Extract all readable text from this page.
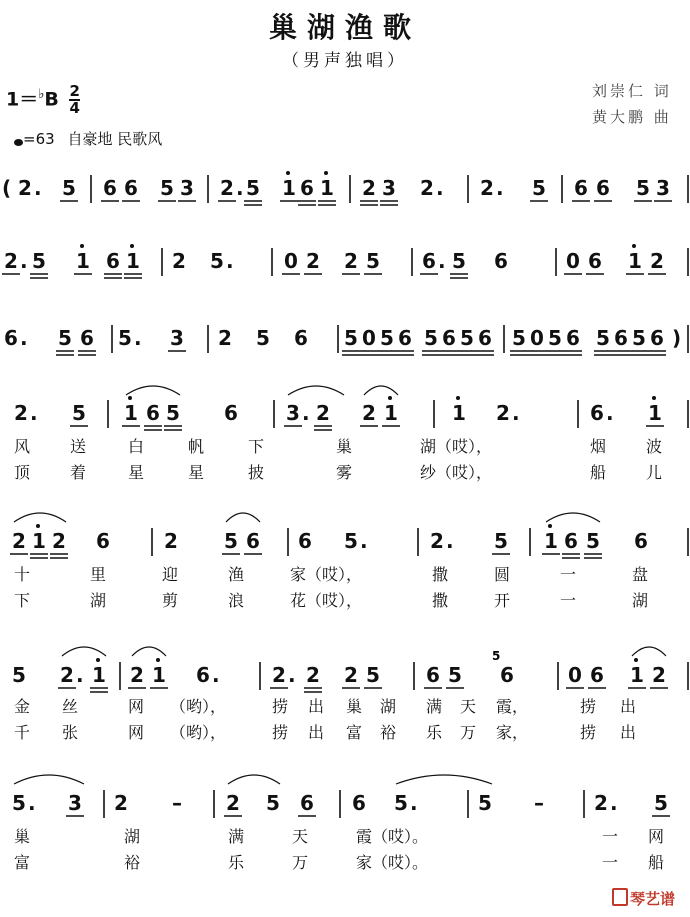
巢湖渔歌
（男声独唱）
$1=^♭B \frac{2}{4}$
=63 自豪地 民歌风
刘崇仁 词
黄大鹏 曲
( 2 . 5 6 6 5 3 2 . 5 1 6 1 2 3 2 . 2 . 5 6 6 5 3
2 . 5 1 6 1 2 5 .	0 2 2 5 6 . 5 6	0 6 1 2
6 . 5 6 5 . 3 2 5 6 5 0 5 6 5 6 5 6 5 0 5 6 5 6 5 6 )
2 . 5 1 6 5 6 3 . 2 2 1	1 2 .	6 . 1
2 1 2 6	2 5 6 6 5 .	2 . 5 1 6 5 6
5 2 . 1 2 1 6 .	2 . 2 2 5 6 5 6	0 6 1 2
5 . 3 2 – 2 5 6 6 5 .	5 –	2 . 5
5
风 送	白	帆	下	巢	湖（哎），	烟 波
顶 着	星	星	披	雾	纱（哎），	船 儿
十	里	迎	渔	家（哎），	撒	圆	一	盘
下	湖	剪	浪	花（哎），	撒	开	一	湖
金 丝	网 （哟），	捞 出 巢 湖 满 天 霞，	捞 出
千 张	网 （哟），	捞 出 富 裕 乐 万 家，	捞 出
巢	湖	满	天	霞（哎）。	一 网
富	裕	乐	万	家（哎）。	一 船
琴艺谱
